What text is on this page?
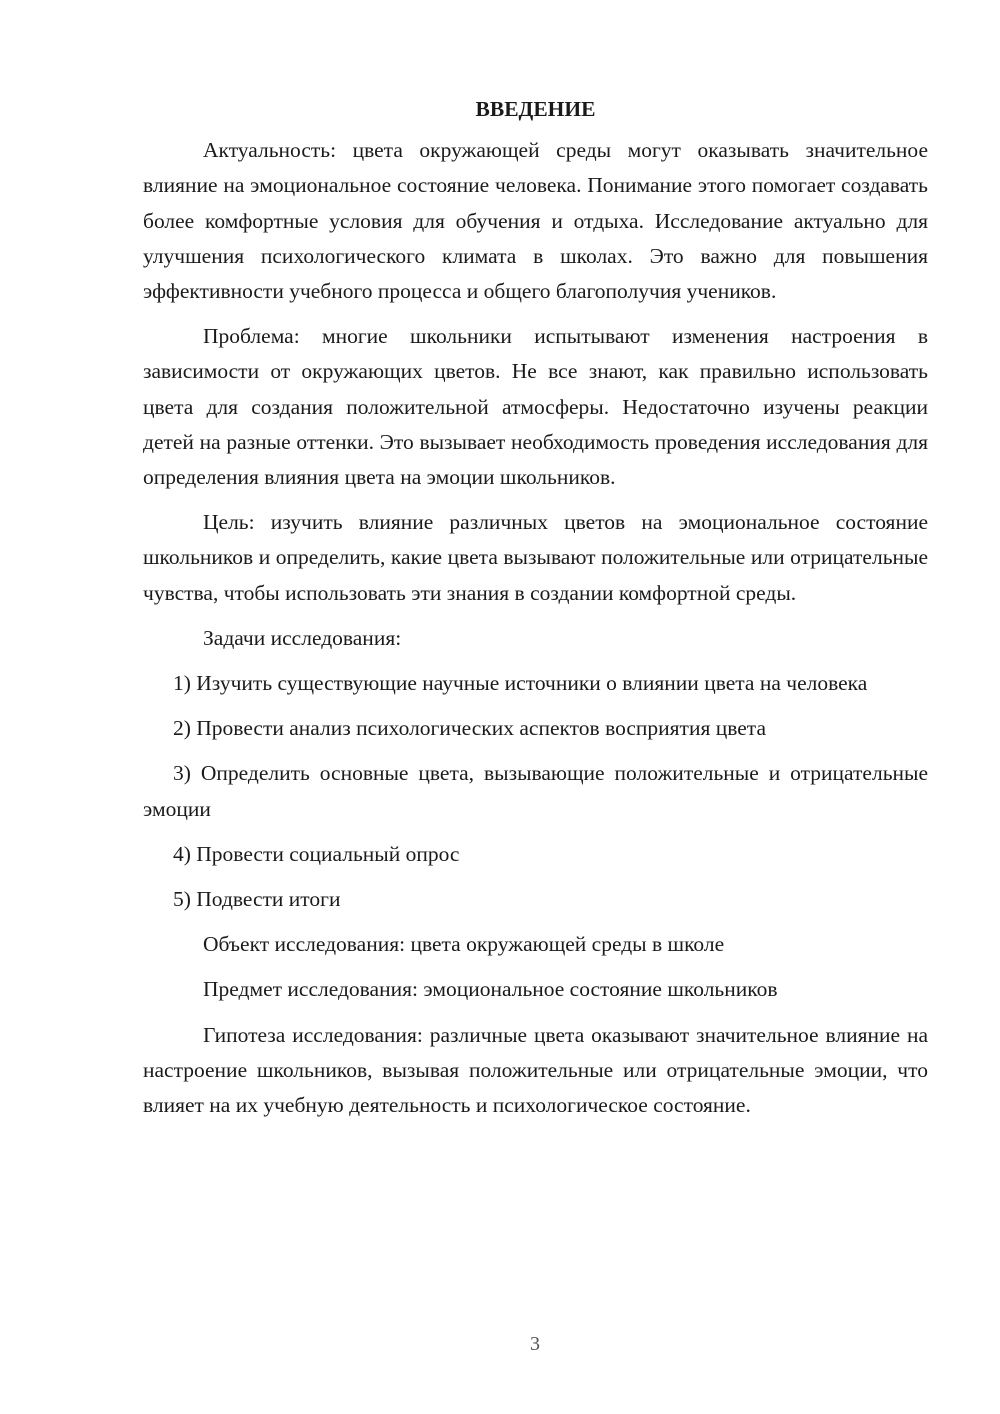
ВВЕДЕНИЕ

Актуальность: цвета окружающей среды могут оказывать значительное влияние на эмоциональное состояние человека. Понимание этого помогает создавать более комфортные условия для обучения и отдыха. Исследование актуально для улучшения психологического климата в школах. Это важно для повышения эффективности учебного процесса и общего благополучия учеников.

Проблема: многие школьники испытывают изменения настроения в зависимости от окружающих цветов. Не все знают, как правильно использовать цвета для создания положительной атмосферы. Недостаточно изучены реакции детей на разные оттенки. Это вызывает необходимость проведения исследования для определения влияния цвета на эмоции школьников.

Цель: изучить влияние различных цветов на эмоциональное состояние школьников и определить, какие цвета вызывают положительные или отрицательные чувства, чтобы использовать эти знания в создании комфортной среды.

Задачи исследования:

1) Изучить существующие научные источники о влиянии цвета на человека

2) Провести анализ психологических аспектов восприятия цвета

3) Определить основные цвета, вызывающие положительные и отрицательные эмоции

4) Провести социальный опрос

5) Подвести итоги

Объект исследования: цвета окружающей среды в школе

Предмет исследования: эмоциональное состояние школьников

Гипотеза исследования: различные цвета оказывают значительное влияние на настроение школьников, вызывая положительные или отрицательные эмоции, что влияет на их учебную деятельность и психологическое состояние.

3
